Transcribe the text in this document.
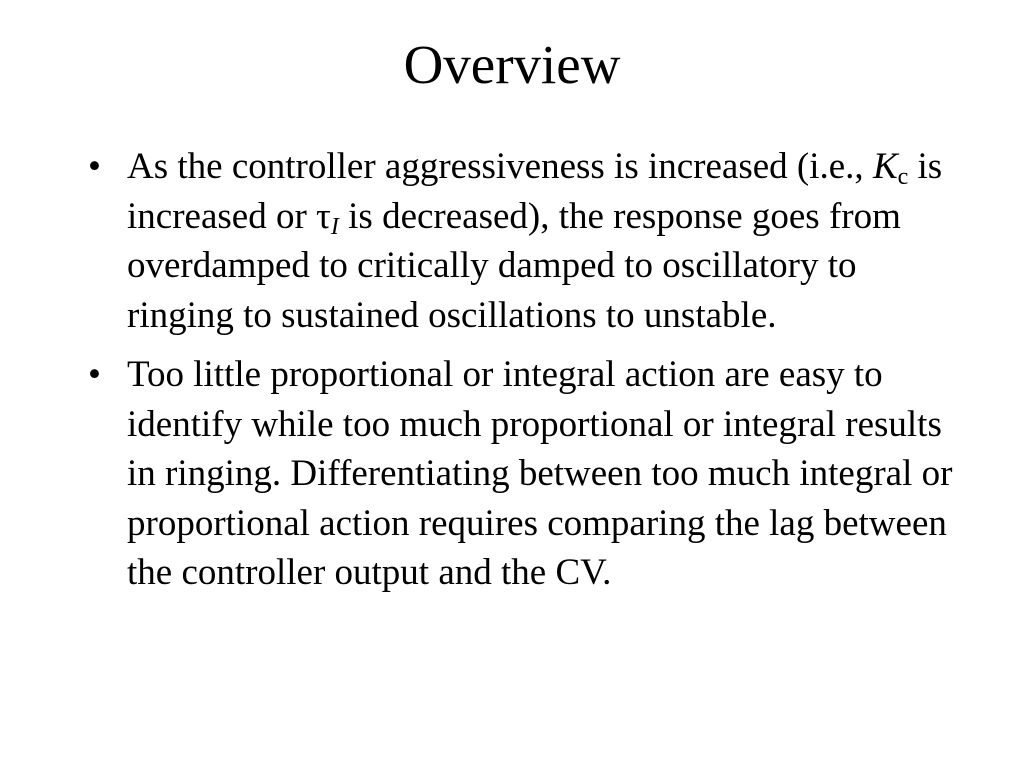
Overview
• As the controller aggressiveness is increased (i.e., $K_c$ is increased or $\tau_I$ is decreased), the response goes from overdamped to critically damped to oscillatory to ringing to sustained oscillations to unstable.
• Too little proportional or integral action are easy to identify while too much proportional or integral results in ringing. Differentiating between too much integral or proportional action requires comparing the lag between the controller output and the CV.
